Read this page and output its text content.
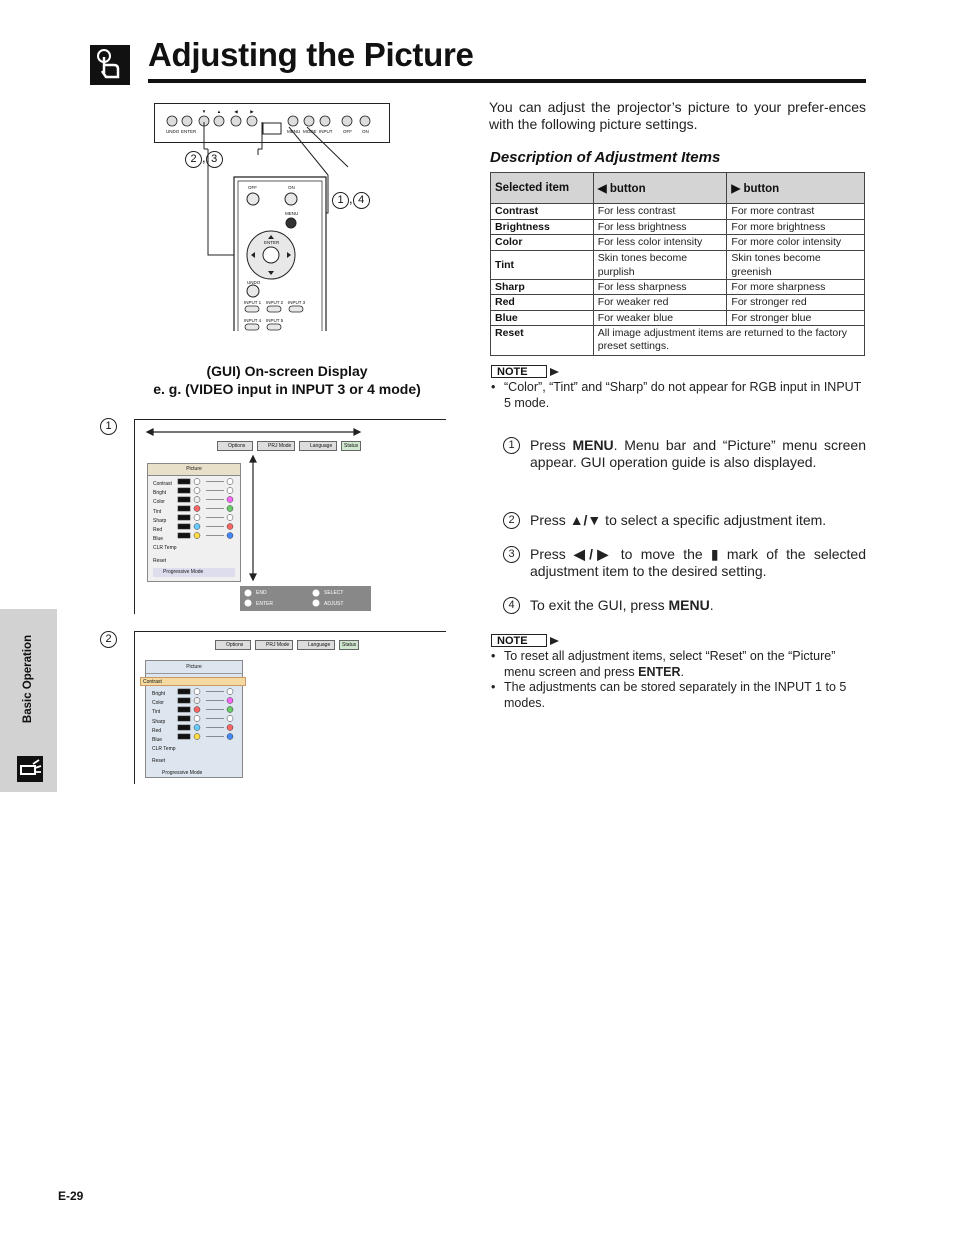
Adjusting the Picture
Basic Operation
E-29
▼ ▲	◀	▶
UNDO ENTER	MENU MODE INPUT OFF ON
2 , 3
1 , 4
OFF	ON
MENU
ENTER
UNDO
INPUT 1 INPUT 2 INPUT 3
INPUT 4 INPUT 5
(GUI) On-screen Display
e. g. (VIDEO input in INPUT 3 or 4 mode)
1
Options	PRJ Mode	Language	Status
Picture
Contrast
Bright
Color
Tint
Sharp
Red
Blue
CLR Temp
Reset
Progressive Mode
END	SELECT
ENTER	ADJUST
2	Options	PRJ Mode	Language	Status
Picture
Contrast
Bright
Color
Tint
Sharp
Red
Blue
CLR Temp
Reset
Progressive Mode
You can adjust the projector’s picture to your prefer-ences with the following picture settings.
Description of Adjustment Items
Selected item	◀ button	▶ button
Contrast	For less contrast	For more contrast
Brightness	For less brightness	For more brightness
Color	For less color intensity	For more color intensity
Tint	Skin tones become purplish	Skin tones become greenish
Sharp	For less sharpness	For more sharpness
Red	For weaker red	For stronger red
Blue	For weaker blue	For stronger blue
Reset	All image adjustment items are returned to the factory preset settings.	
NOTE
• “Color”, “Tint” and “Sharp” do not appear for RGB input in INPUT 5 mode.
1	Press MENU. Menu bar and “Picture” menu screen appear. GUI operation guide is also displayed.
2	Press ▲/▼ to select a specific adjustment item.
3	Press ◀/▶ to move the ▮ mark of the selected adjustment item to the desired setting.
4	To exit the GUI, press MENU.
NOTE
• To reset all adjustment items, select “Reset” on the “Picture” menu screen and press ENTER.
• The adjustments can be stored separately in the INPUT 1 to 5 modes.
